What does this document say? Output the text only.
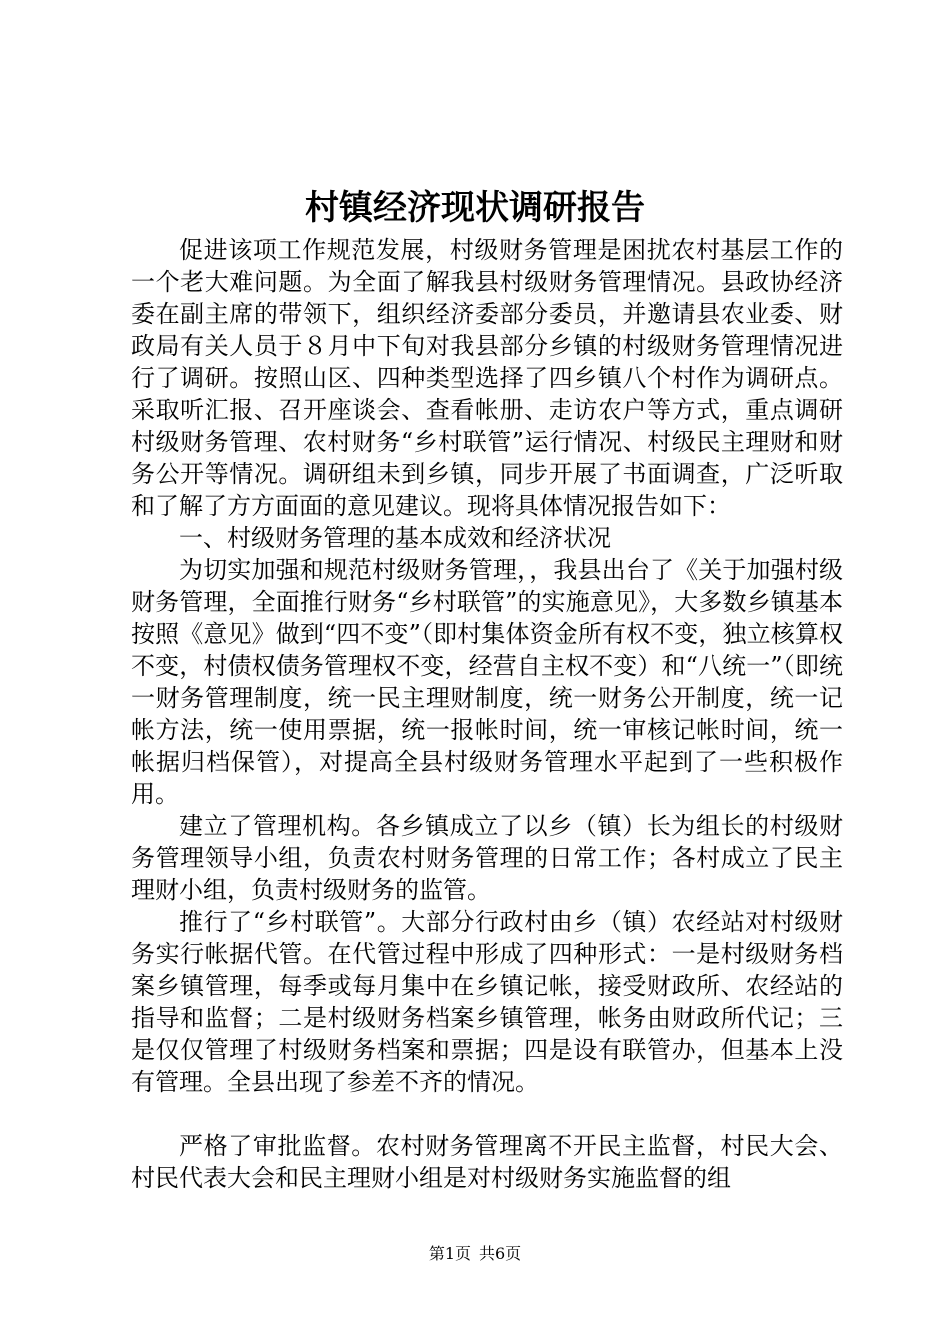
村镇经济现状调研报告

促进该项工作规范发展，村级财务管理是困扰农村基层工作的一个老大难问题。为全面了解我县村级财务管理情况。县政协经济委在副主席的带领下，组织经济委部分委员，并邀请县农业委、财政局有关人员于８月中下旬对我县部分乡镇的村级财务管理情况进行了调研。按照山区、四种类型选择了四乡镇八个村作为调研点。采取听汇报、召开座谈会、查看帐册、走访农户等方式，重点调研村级财务管理、农村财务“乡村联管”运行情况、村级民主理财和财务公开等情况。调研组未到乡镇，同步开展了书面调查，广泛听取和了解了方方面面的意见建议。现将具体情况报告如下：

一、村级财务管理的基本成效和经济状况

为切实加强和规范村级财务管理，，我县出台了《关于加强村级财务管理，全面推行财务“乡村联管”的实施意见》，大多数乡镇基本按照《意见》做到“四不变”（即村集体资金所有权不变，独立核算权不变，村债权债务管理权不变，经营自主权不变）和“八统一”（即统一财务管理制度，统一民主理财制度，统一财务公开制度，统一记帐方法，统一使用票据，统一报帐时间，统一审核记帐时间，统一帐据归档保管），对提高全县村级财务管理水平起到了一些积极作用。

建立了管理机构。各乡镇成立了以乡（镇）长为组长的村级财务管理领导小组，负责农村财务管理的日常工作；各村成立了民主理财小组，负责村级财务的监管。

推行了“乡村联管”。大部分行政村由乡（镇）农经站对村级财务实行帐据代管。在代管过程中形成了四种形式：一是村级财务档案乡镇管理，每季或每月集中在乡镇记帐，接受财政所、农经站的指导和监督；二是村级财务档案乡镇管理，帐务由财政所代记；三是仅仅管理了村级财务档案和票据；四是设有联管办，但基本上没有管理。全县出现了参差不齐的情况。

严格了审批监督。农村财务管理离不开民主监督，村民大会、村民代表大会和民主理财小组是对村级财务实施监督的组

第1页 共6页
